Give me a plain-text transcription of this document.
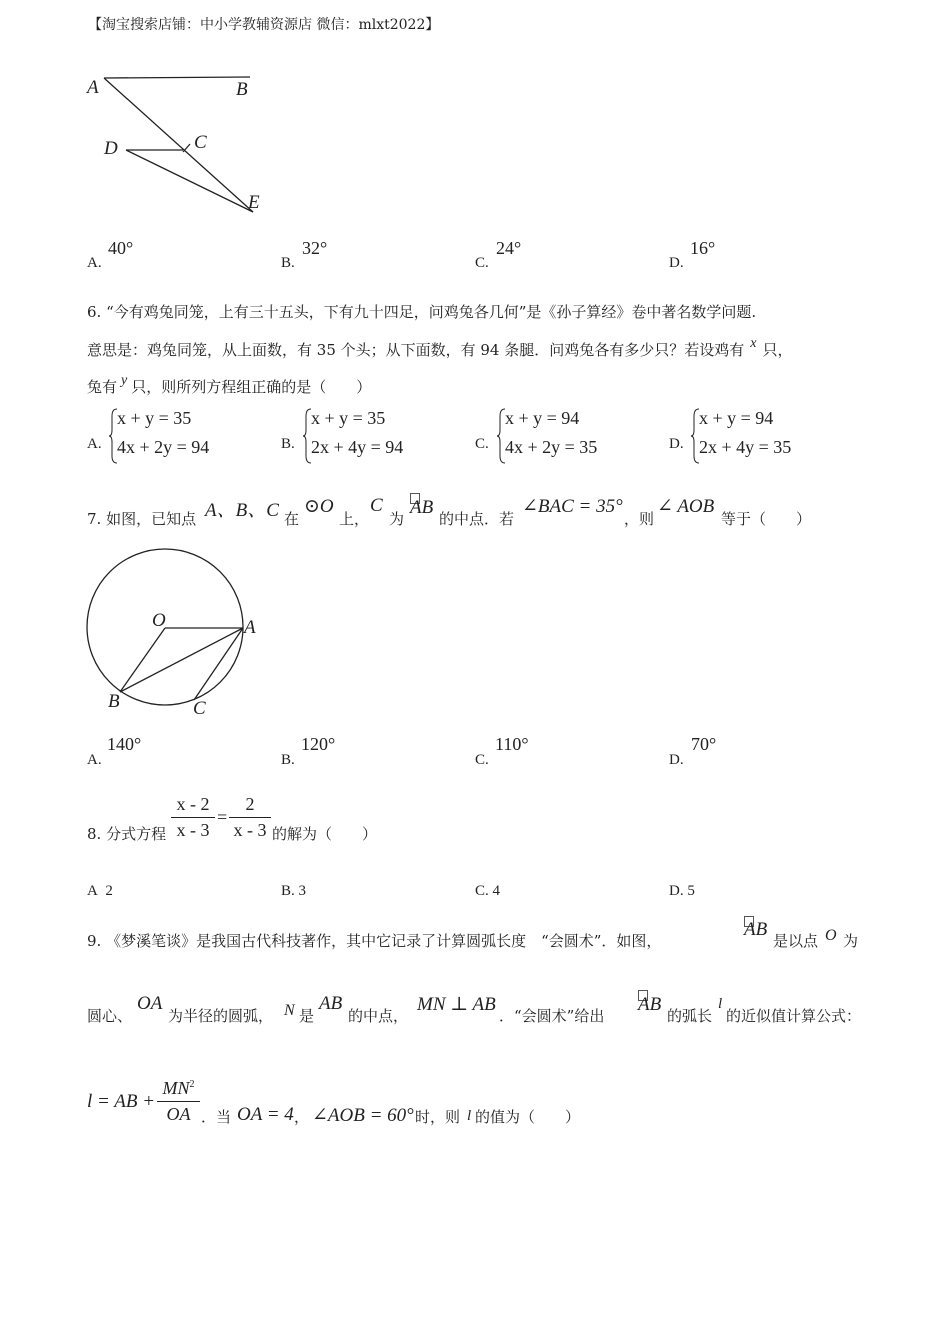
【淘宝搜索店铺：中小学教辅资源店 微信：mlxt2022】
A	B
C
D
E
A.
40°
B.
32°
C.
24°
D.
16°
6. “今有鸡兔同笼，上有三十五头，下有九十四足，问鸡兔各几何”是《孙子算经》卷中著名数学问题.
意思是：鸡兔同笼，从上面数，有 35 个头；从下面数，有 94 条腿．问鸡兔各有多少只？若设鸡有 x 只，
兔有 y 只，则所列方程组正确的是（　　）
A.
x + y = 35
4x + 2y = 94	B.
x + y = 35
2x + 4y = 94	C.
x + y = 94
4x + 2y = 35	D.
x + y = 94
2x + 4y = 35
7. 如图，已知点 A、B、C 在
⊙O
上，
C
为
AB
的中点．若
∠BAC = 35°
，则
∠ AOB
等于（　　）
O	A
B	C
A.
140°
B.
120°
C.
110°
D.
70°
8. 分式方程 $\frac{x - 2}{x - 3} = \frac{2}{x - 3}$ 的解为（　　）
A 2	B. 3	C. 4	D. 5
9. 《梦溪笔谈》是我国古代科技著作，其中它记录了计算圆弧长度　“会圆术”．如图，
AB
是以点 O 为
圆心、
OA
为半径的圆弧， N 是
AB
的中点，
MN ⊥ AB
．“会圆术”给出
AB
的弧长
l
的近似值计算公式：
l = AB + $\frac{MN^2}{OA}$ ．当 OA = 4 ， ∠AOB = 60° 时，则 l 的值为（　　）
